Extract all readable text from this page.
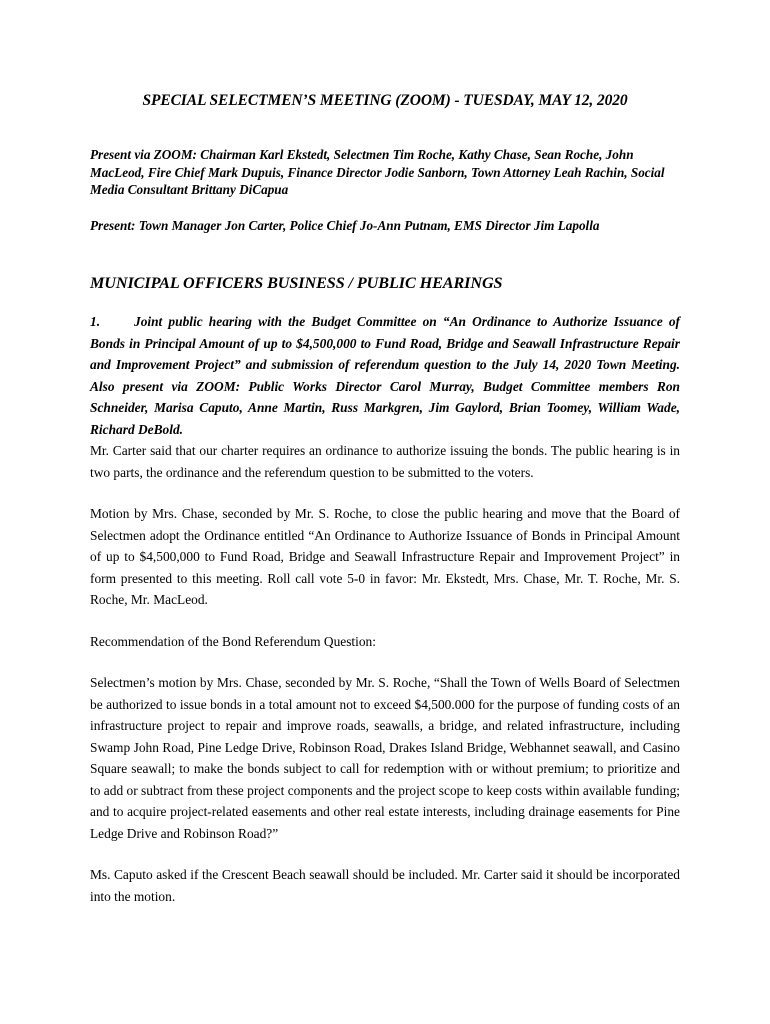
SPECIAL SELECTMEN’S MEETING (ZOOM) - TUESDAY, MAY 12, 2020

Present via ZOOM: Chairman Karl Ekstedt, Selectmen Tim Roche, Kathy Chase, Sean Roche, John MacLeod, Fire Chief Mark Dupuis, Finance Director Jodie Sanborn, Town Attorney Leah Rachin, Social Media Consultant Brittany DiCapua

Present: Town Manager Jon Carter, Police Chief Jo-Ann Putnam, EMS Director Jim Lapolla

MUNICIPAL OFFICERS BUSINESS / PUBLIC HEARINGS

1.	Joint public hearing with the Budget Committee on “An Ordinance to Authorize Issuance of Bonds in Principal Amount of up to $4,500,000 to Fund Road, Bridge and Seawall Infrastructure Repair and Improvement Project” and submission of referendum question to the July 14, 2020 Town Meeting. Also present via ZOOM: Public Works Director Carol Murray, Budget Committee members Ron Schneider, Marisa Caputo, Anne Martin, Russ Markgren, Jim Gaylord, Brian Toomey, William Wade, Richard DeBold.

Mr. Carter said that our charter requires an ordinance to authorize issuing the bonds. The public hearing is in two parts, the ordinance and the referendum question to be submitted to the voters.

Motion by Mrs. Chase, seconded by Mr. S. Roche, to close the public hearing and move that the Board of Selectmen adopt the Ordinance entitled “An Ordinance to Authorize Issuance of Bonds in Principal Amount of up to $4,500,000 to Fund Road, Bridge and Seawall Infrastructure Repair and Improvement Project” in form presented to this meeting. Roll call vote 5-0 in favor: Mr. Ekstedt, Mrs. Chase, Mr. T. Roche, Mr. S. Roche, Mr. MacLeod.

Recommendation of the Bond Referendum Question:

Selectmen’s motion by Mrs. Chase, seconded by Mr. S. Roche, “Shall the Town of Wells Board of Selectmen be authorized to issue bonds in a total amount not to exceed $4,500.000 for the purpose of funding costs of an infrastructure project to repair and improve roads, seawalls, a bridge, and related infrastructure, including Swamp John Road, Pine Ledge Drive, Robinson Road, Drakes Island Bridge, Webhannet seawall, and Casino Square seawall; to make the bonds subject to call for redemption with or without premium; to prioritize and to add or subtract from these project components and the project scope to keep costs within available funding; and to acquire project-related easements and other real estate interests, including drainage easements for Pine Ledge Drive and Robinson Road?”

Ms. Caputo asked if the Crescent Beach seawall should be included. Mr. Carter said it should be incorporated into the motion.
